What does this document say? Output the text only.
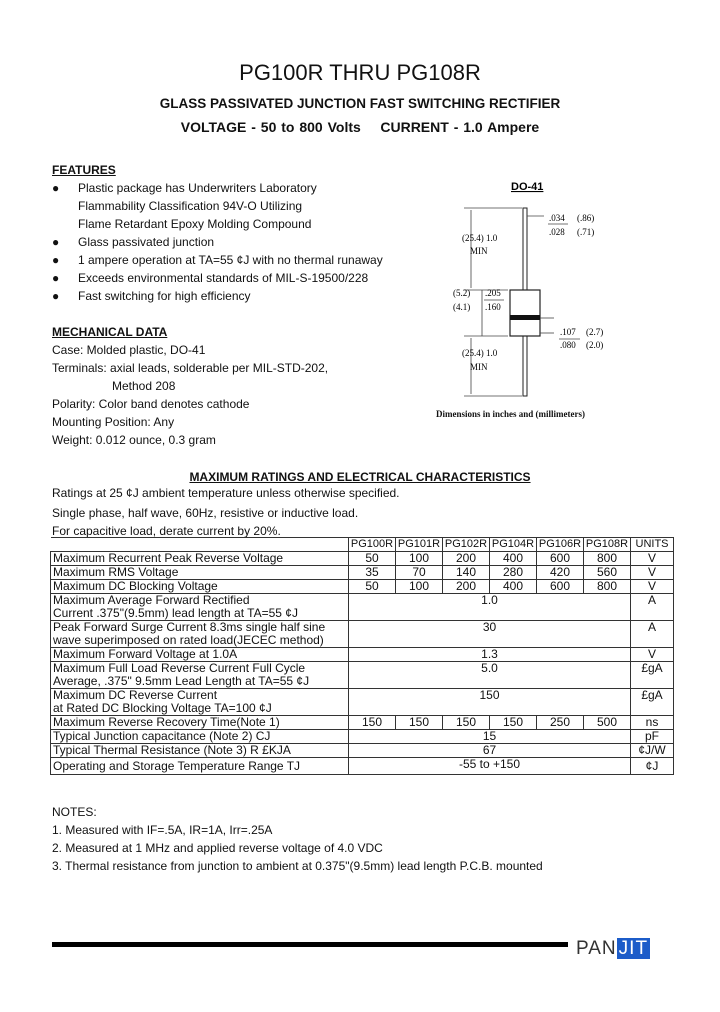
PG100R THRU PG108R
GLASS PASSIVATED JUNCTION FAST SWITCHING RECTIFIER
VOLTAGE - 50 to 800 Volts    CURRENT - 1.0 Ampere
FEATURES
● Plastic package has Underwriters Laboratory
Flammability Classification 94V-O Utilizing
Flame Retardant Epoxy Molding Compound
● Glass passivated junction
● 1 ampere operation at TA=55 ¢J with no thermal runaway
● Exceeds environmental standards of MIL-S-19500/228
● Fast switching for high efficiency
MECHANICAL DATA
Case: Molded plastic, DO-41
Terminals: axial leads, solderable per MIL-STD-202,
Method 208
Polarity: Color band denotes cathode
Mounting Position: Any
Weight: 0.012 ounce, 0.3 gram
DO-41
(25.4) 1.0
MIN
.034
.028
(.86)
(.71)
(5.2)
(4.1)
.205
.160
.107
.080
(2.7)
(2.0)
(25.4) 1.0
MIN
Dimensions in inches and (millimeters)
MAXIMUM RATINGS AND ELECTRICAL CHARACTERISTICS
Ratings at 25 ¢J ambient temperature unless otherwise specified.
Single phase, half wave, 60Hz, resistive or inductive load.
For capacitive load, derate current by 20%.
	PG100R	PG101R	PG102R	PG104R	PG106R	PG108R	UNITS
Maximum Recurrent Peak Reverse Voltage	50	100	200	400	600	800	V
Maximum RMS Voltage	35	70	140	280	420	560	V
Maximum DC Blocking Voltage	50	100	200	400	600	800	V

Maximum Average Forward Rectified
Current .375"(9.5mm) lead length at TA=55 ¢J	1.0						A

Peak Forward Surge Current 8.3ms single half sine
wave superimposed on rated load(JECEC method)	30						A
Maximum Forward Voltage at 1.0A	1.3						V

Maximum Full Load Reverse Current Full Cycle
Average, .375" 9.5mm Lead Length at TA=55 ¢J	5.0						£gA

Maximum DC Reverse Current
at Rated DC Blocking Voltage TA=100 ¢J	150						£gA
Maximum Reverse Recovery Time(Note 1)	150	150	150	150	250	500	ns
Typical Junction capacitance (Note 2) CJ	15						pF
Typical Thermal Resistance (Note 3) R £KJA	67						¢J/W
Operating and Storage Temperature Range TJ	-55 to +150						¢J
NOTES:
1. Measured with IF=.5A, IR=1A, Irr=.25A
2. Measured at 1 MHz and applied reverse voltage of 4.0 VDC
3. Thermal resistance from junction to ambient at 0.375"(9.5mm) lead length P.C.B. mounted
PAN JIT
